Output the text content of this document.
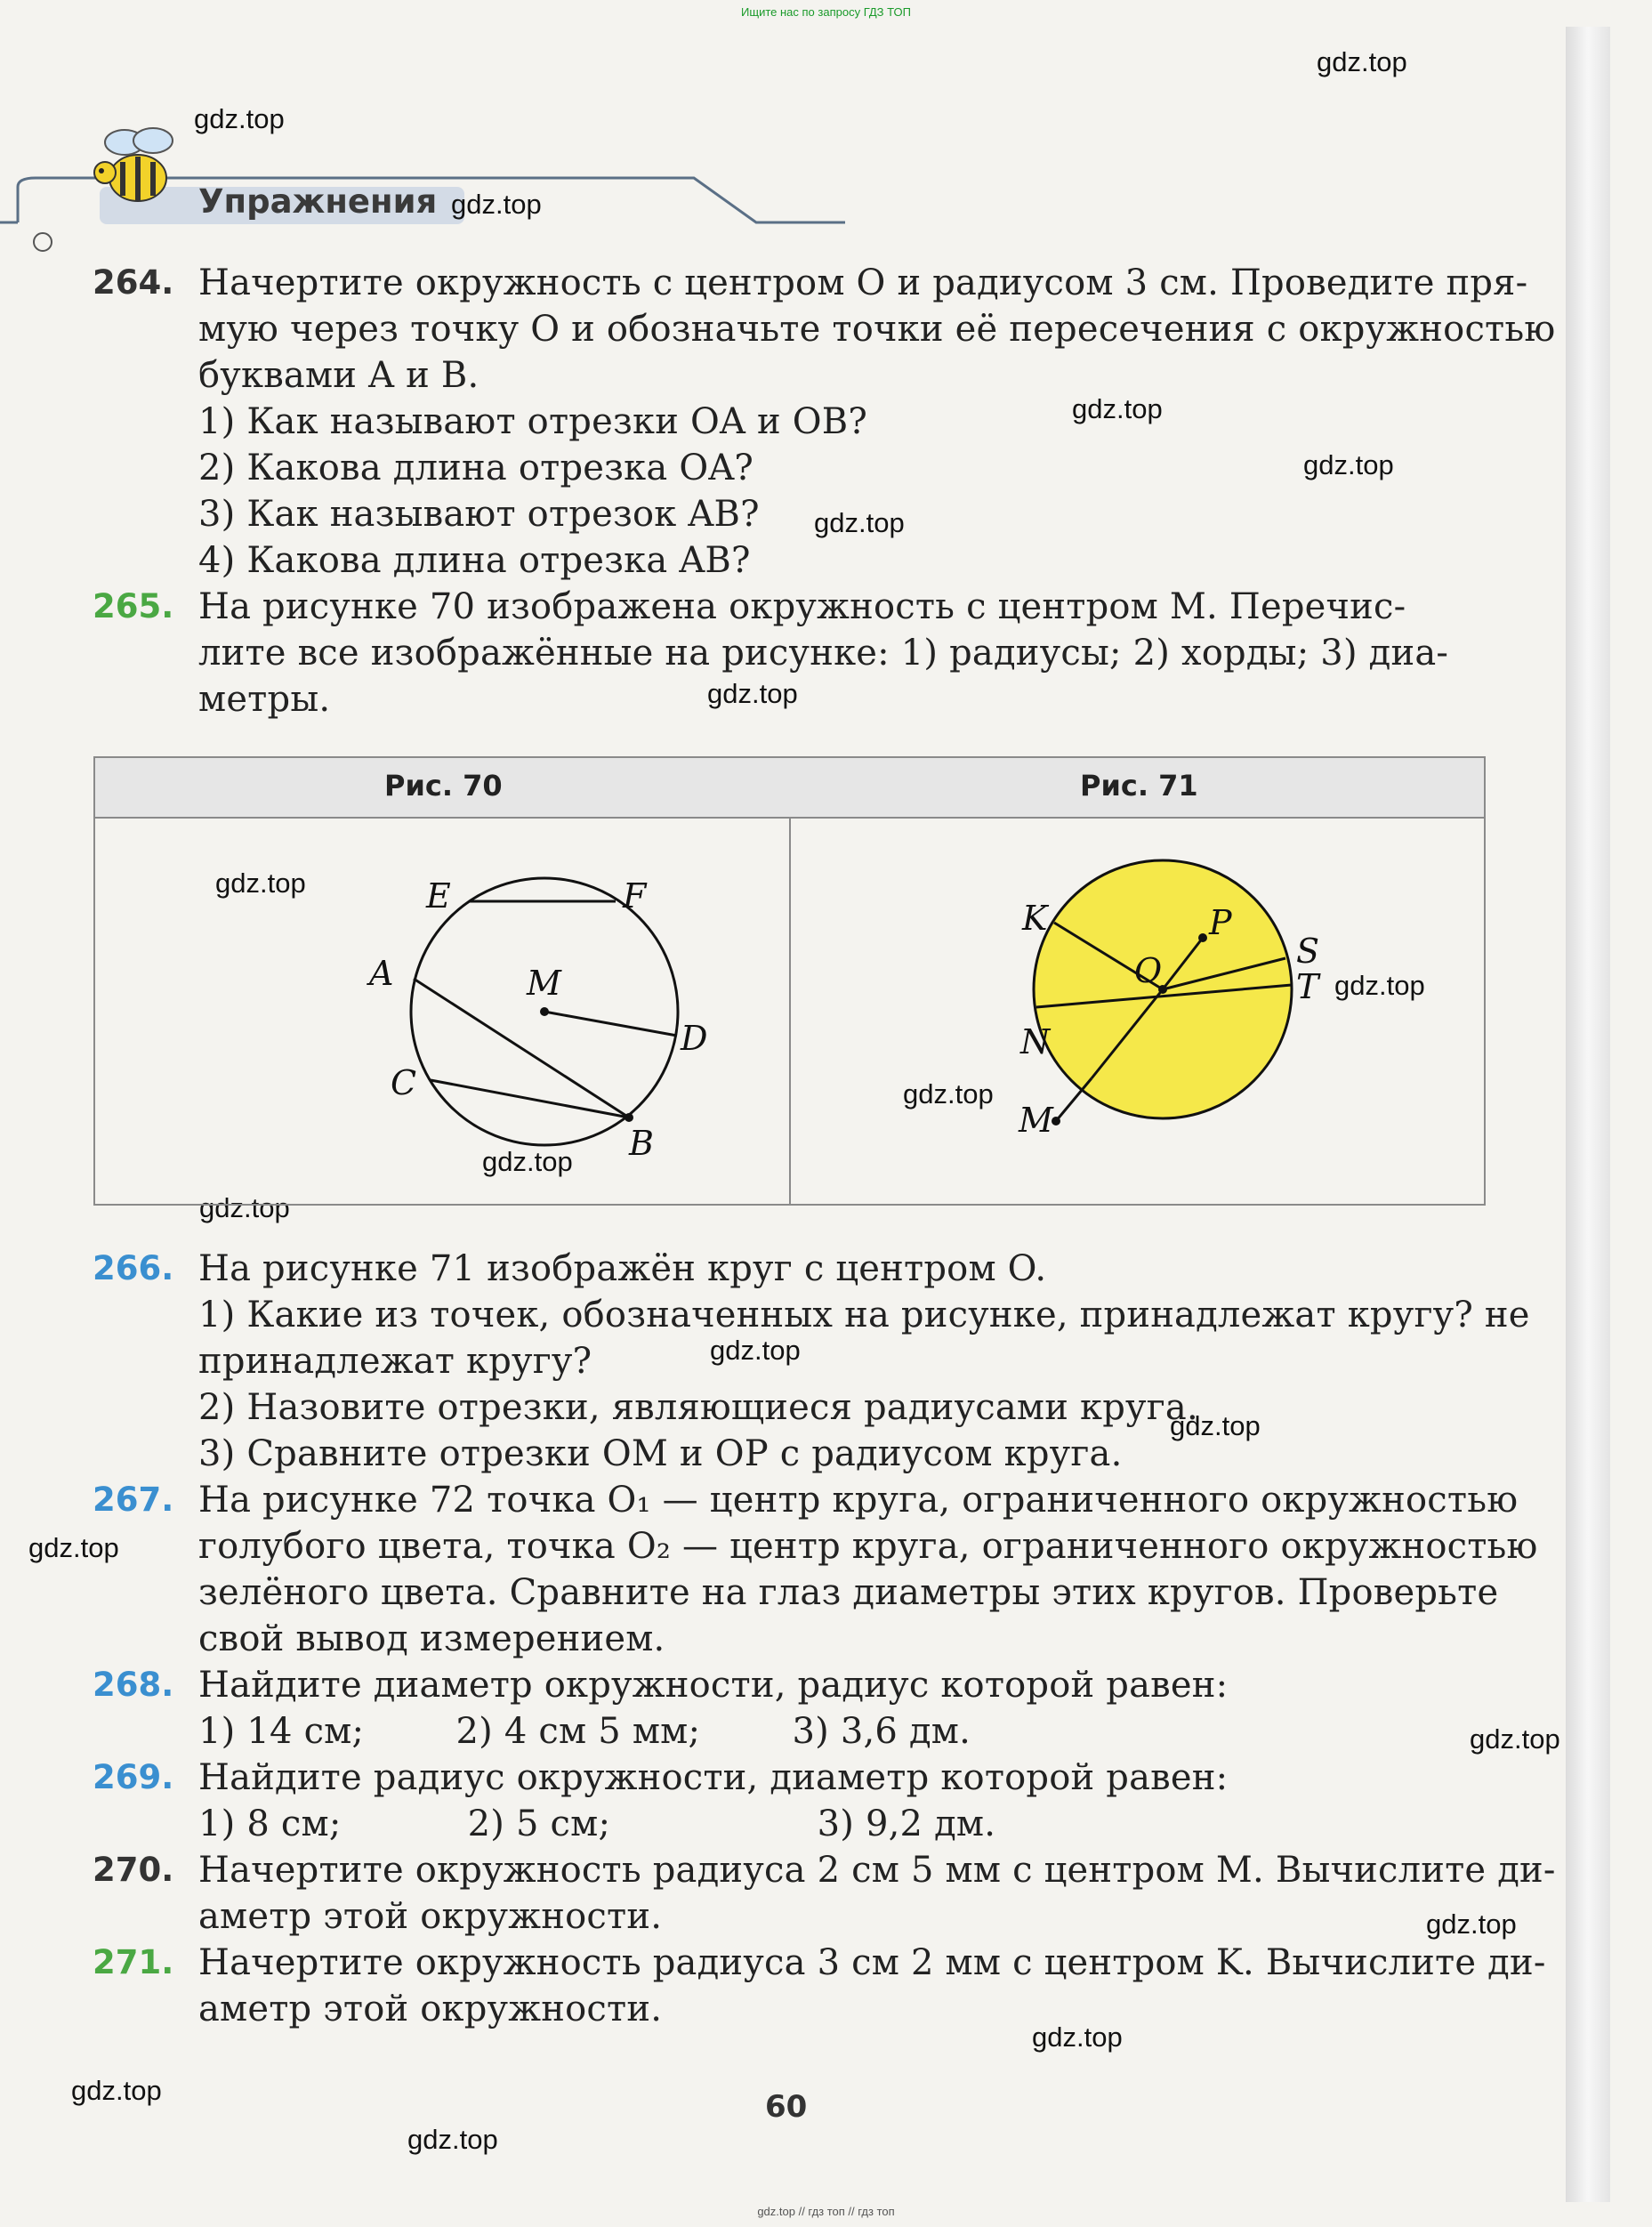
Ищите нас по запросу ГДЗ ТОП
Упражнения
gdz.top
gdz.top
gdz.top
gdz.top
gdz.top
gdz.top
gdz.top
gdz.top
gdz.top
gdz.top
gdz.top
gdz.top
gdz.top
gdz.top
gdz.top
gdz.top
gdz.top
gdz.top
gdz.top
gdz.top
264. Начертите окружность с центром O и радиусом 3 см. Проведите пря-
мую через точку O и обозначьте точки её пересечения с окружностью
буквами A и B.
1) Как называют отрезки OA и OB?
2) Какова длина отрезка OA?
3) Как называют отрезок AB?
4) Какова длина отрезка AB?
265. На рисунке 70 изображена окружность с центром M. Перечис-
лите все изображённые на рисунке: 1) радиусы; 2) хорды; 3) диа-
метры.
Рис. 70	Рис. 71
E	F
A	M
D
C
B
K	P
S
O	T
N
M
266. На рисунке 71 изображён круг с центром O.
1) Какие из точек, обозначенных на рисунке, принадлежат кругу? не
принадлежат кругу?
2) Назовите отрезки, являющиеся радиусами круга.
3) Сравните отрезки OM и OP с радиусом круга.
267. На рисунке 72 точка O₁ — центр круга, ограниченного окружностью
голубого цвета, точка O₂ — центр круга, ограниченного окружностью
зелёного цвета. Сравните на глаз диаметры этих кругов. Проверьте
свой вывод измерением.
268. Найдите диаметр окружности, радиус которой равен:
1) 14 см;        2) 4 см 5 мм;        3) 3,6 дм.
269. Найдите радиус окружности, диаметр которой равен:
1) 8 см;           2) 5 см;                  3) 9,2 дм.
270. Начертите окружность радиуса 2 см 5 мм с центром M. Вычислите ди-
аметр этой окружности.
271. Начертите окружность радиуса 3 см 2 мм с центром K. Вычислите ди-
аметр этой окружности.
60
gdz.top // гдз топ // гдз топ
